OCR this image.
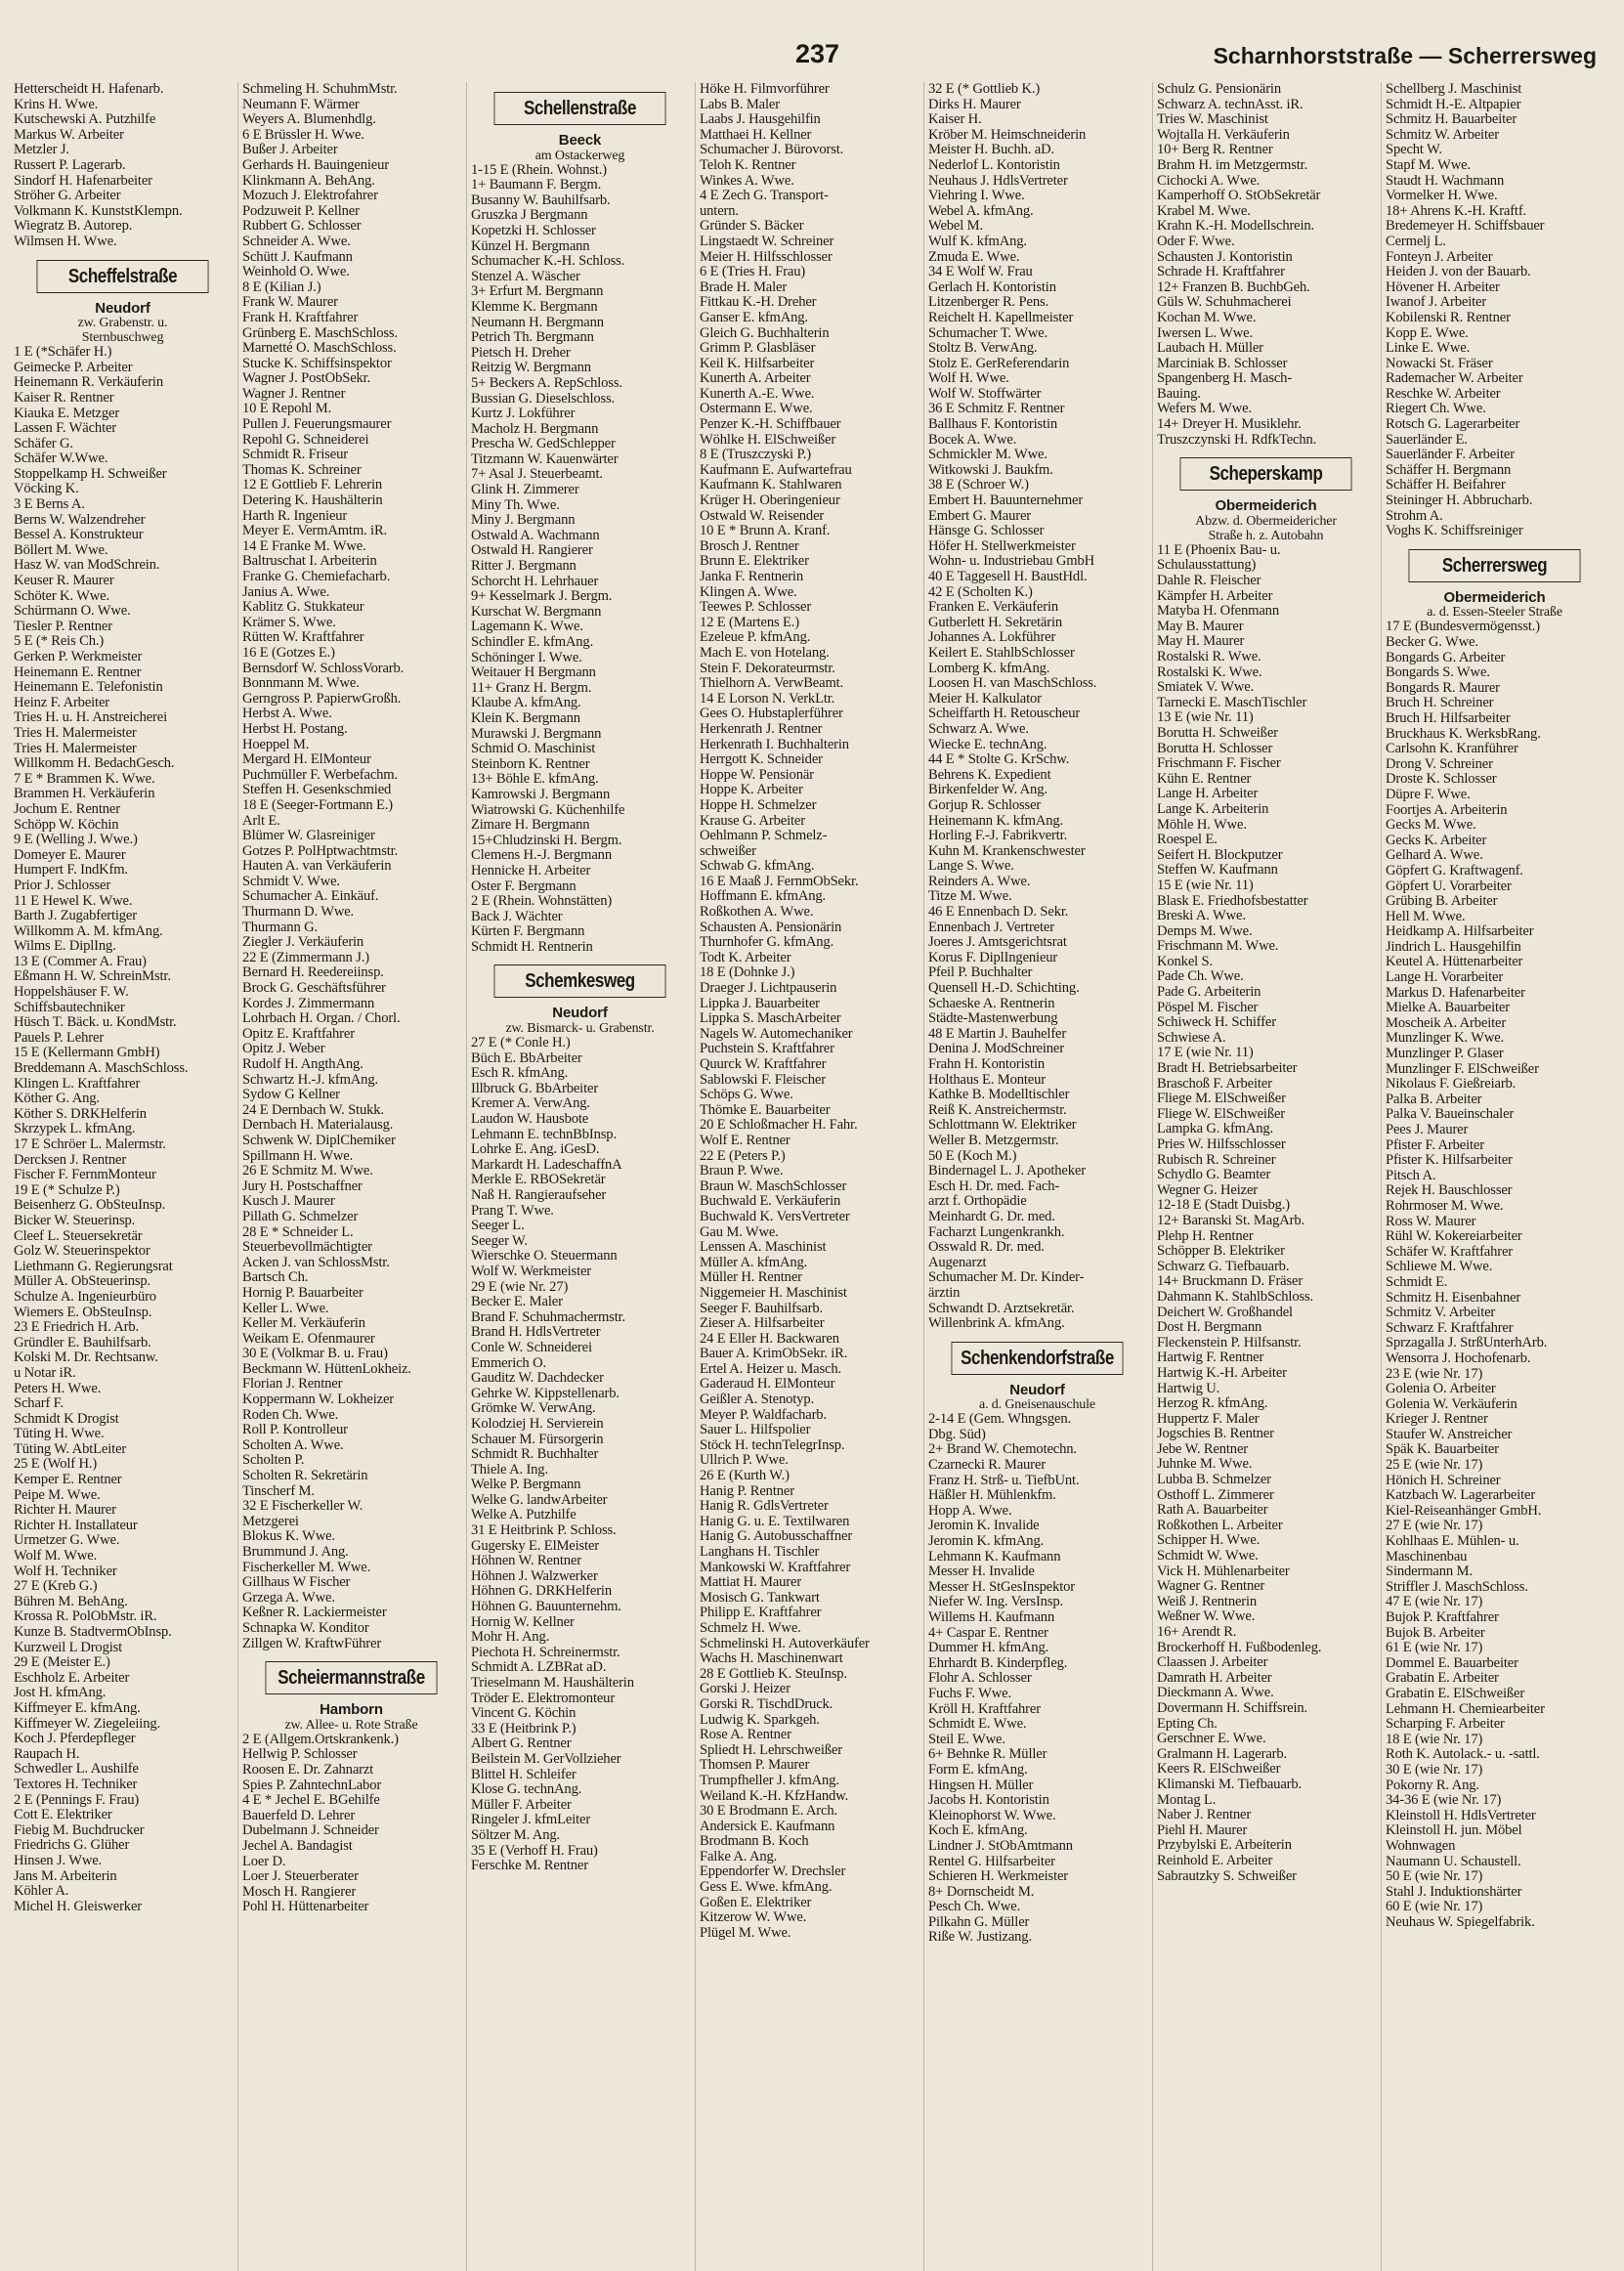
237	Scharnhorststraße — Scherrersweg
Hetterscheidt H. Hafenarb.
Krins H. Wwe.
Kutschewski A. Putzhilfe
Markus W. Arbeiter
Metzler J.
Russert P. Lagerarb.
Sindorf H. Hafenarbeiter
Ströher G. Arbeiter
Volkmann K. KunststKlempn.
Wiegratz B. Autorep.
Wilmsen H. Wwe.
Scheffelstraße
Neudorf
zw. Grabenstr. u.
Sternbuschweg
1 E (*Schäfer H.)
Geimecke P. Arbeiter
Heinemann R. Verkäuferin
Kaiser R. Rentner
Kiauka E. Metzger
Lassen F. Wächter
Schäfer G.
Schäfer W.Wwe.
Stoppelkamp H. Schweißer
Vöcking K.
3 E Berns A.
Berns W. Walzendreher
Bessel A. Konstrukteur
Böllert M. Wwe.
Hasz W. van ModSchrein.
Keuser R. Maurer
Schöter K. Wwe.
Schürmann O. Wwe.
Tiesler P. Rentner
5 E (* Reis Ch.)
Gerken P. Werkmeister
Heinemann E. Rentner
Heinemann E. Telefonistin
Heinz F. Arbeiter
Tries H. u. H. Anstreicherei
Tries H. Malermeister
Tries H. Malermeister
Willkomm H. BedachGesch.
7 E * Brammen K. Wwe.
Brammen H. Verkäuferin
Jochum E. Rentner
Schöpp W. Köchin
9 E (Welling J. Wwe.)
Domeyer E. Maurer
Humpert F. IndKfm.
Prior J. Schlosser
11 E Hewel K. Wwe.
Barth J. Zugabfertiger
Willkomm A. M. kfmAng.
Wilms E. DiplIng.
13 E (Commer A. Frau)
Eßmann H. W. SchreinMstr.
Hoppelshäuser F. W.
Schiffsbautechniker
Hüsch T. Bäck. u. KondMstr.
Pauels P. Lehrer
15 E (Kellermann GmbH)
Breddemann A. MaschSchloss.
Klingen L. Kraftfahrer
Köther G. Ang.
Köther S. DRKHelferin
Skrzypek L. kfmAng.
17 E Schröer L. Malermstr.
Dercksen J. Rentner
Fischer F. FernmMonteur
19 E (* Schulze P.)
Beisenherz G. ObSteuInsp.
Bicker W. Steuerinsp.
Cleef L. Steuersekretär
Golz W. Steuerinspektor
Liethmann G. Regierungsrat
Müller A. ObSteuerinsp.
Schulze A. Ingenieurbüro
Wiemers E. ObSteuInsp.
23 E Friedrich H. Arb.
Gründler E. Bauhilfsarb.
Kolski M. Dr. Rechtsanw.
u Notar iR.
Peters H. Wwe.
Scharf F.
Schmidt K Drogist
Tüting H. Wwe.
Tüting W. AbtLeiter
25 E (Wolf H.)
Kemper E. Rentner
Peipe M. Wwe.
Richter H. Maurer
Richter H. Installateur
Urmetzer G. Wwe.
Wolf M. Wwe.
Wolf H. Techniker
27 E (Kreb G.)
Bühren M. BehAng.
Krossa R. PolObMstr. iR.
Kunze B. StadtvermObInsp.
Kurzweil L Drogist
29 E (Meister E.)
Eschholz E. Arbeiter
Jost H. kfmAng.
Kiffmeyer E. kfmAng.
Kiffmeyer W. Ziegeleiing.
Koch J. Pferdepfleger
Raupach H.
Schwedler L. Aushilfe
Textores H. Techniker
2 E (Pennings F. Frau)
Cott E. Elektriker
Fiebig M. Buchdrucker
Friedrichs G. Glüher
Hinsen J. Wwe.
Jans M. Arbeiterin
Köhler A.
Michel H. Gleiswerker
Schmeling H. SchuhmMstr.
Neumann F. Wärmer
Weyers A. Blumenhdlg.
6 E Brüssler H. Wwe.
Bußer J. Arbeiter
Gerhards H. Bauingenieur
Klinkmann A. BehAng.
Mozuch J. Elektrofahrer
Podzuweit P. Kellner
Rubbert G. Schlosser
Schneider A. Wwe.
Schütt J. Kaufmann
Weinhold O. Wwe.
8 E (Kilian J.)
Frank W. Maurer
Frank H. Kraftfahrer
Grünberg E. MaschSchloss.
Marnetté O. MaschSchloss.
Stucke K. Schiffsinspektor
Wagner J. PostObSekr.
Wagner J. Rentner
10 E Repohl M.
Pullen J. Feuerungsmaurer
Repohl G. Schneiderei
Schmidt R. Friseur
Thomas K. Schreiner
12 E Gottlieb F. Lehrerin
Detering K. Haushälterin
Harth R. Ingenieur
Meyer E. VermAmtm. iR.
14 E Franke M. Wwe.
Baltruschat I. Arbeiterin
Franke G. Chemiefacharb.
Janius A. Wwe.
Kablitz G. Stukkateur
Krämer S. Wwe.
Rütten W. Kraftfahrer
16 E (Gotzes E.)
Bernsdorf W. SchlossVorarb.
Bonnmann M. Wwe.
Gerngross P. PapierwGroßh.
Herbst A. Wwe.
Herbst H. Postang.
Hoeppel M.
Mergard H. ElMonteur
Puchmüller F. Werbefachm.
Steffen H. Gesenkschmied
18 E (Seeger-Fortmann E.)
Arlt E.
Blümer W. Glasreiniger
Gotzes P. PolHptwachtmstr.
Hauten A. van Verkäuferin
Schmidt V. Wwe.
Schumacher A. Einkäuf.
Thurmann D. Wwe.
Thurmann G.
Ziegler J. Verkäuferin
22 E (Zimmermann J.)
Bernard H. Reedereiinsp.
Brock G. Geschäftsführer
Kordes J. Zimmermann
Lohrbach H. Organ. / Chorl.
Opitz E. Kraftfahrer
Opitz J. Weber
Rudolf H. AngthAng.
Schwartz H.-J. kfmAng.
Sydow G Kellner
24 E Dernbach W. Stukk.
Dernbach H. Materialausg.
Schwenk W. DiplChemiker
Spillmann H. Wwe.
26 E Schmitz M. Wwe.
Jury H. Postschaffner
Kusch J. Maurer
Pillath G. Schmelzer
28 E * Schneider L.
Steuerbevollmächtigter
Acken J. van SchlossMstr.
Bartsch Ch.
Hornig P. Bauarbeiter
Keller L. Wwe.
Keller M. Verkäuferin
Weikam E. Ofenmaurer
30 E (Volkmar B. u. Frau)
Beckmann W. HüttenLokheiz.
Florian J. Rentner
Koppermann W. Lokheizer
Roden Ch. Wwe.
Roll P. Kontrolleur
Scholten A. Wwe.
Scholten P.
Scholten R. Sekretärin
Tinscherf M.
32 E Fischerkeller W.
Metzgerei
Blokus K. Wwe.
Brummund J. Ang.
Fischerkeller M. Wwe.
Gillhaus W Fischer
Grzega A. Wwe.
Keßner R. Lackiermeister
Schnapka W. Konditor
Zillgen W. KraftwFührer
Scheiermannstraße
Hamborn
zw. Allee- u. Rote Straße
2 E (Allgem.Ortskrankenk.)
Hellwig P. Schlosser
Roosen E. Dr. Zahnarzt
Spies P. ZahntechnLabor
4 E * Jechel E. BGehilfe
Bauerfeld D. Lehrer
Dubelmann J. Schneider
Jechel A. Bandagist
Loer D.
Loer J. Steuerberater
Mosch H. Rangierer
Pohl H. Hüttenarbeiter
Schellenstraße
Beeck
am Ostackerweg
1-15 E (Rhein. Wohnst.)
1+ Baumann F. Bergm.
Busanny W. Bauhilfsarb.
Gruszka J Bergmann
Kopetzki H. Schlosser
Künzel H. Bergmann
Schumacher K.-H. Schloss.
Stenzel A. Wäscher
3+ Erfurt M. Bergmann
Klemme K. Bergmann
Neumann H. Bergmann
Petrich Th. Bergmann
Pietsch H. Dreher
Reitzig W. Bergmann
5+ Beckers A. RepSchloss.
Bussian G. Dieselschloss.
Kurtz J. Lokführer
Macholz H. Bergmann
Prescha W. GedSchlepper
Titzmann W. Kauenwärter
7+ Asal J. Steuerbeamt.
Glink H. Zimmerer
Miny Th. Wwe.
Miny J. Bergmann
Ostwald A. Wachmann
Ostwald H. Rangierer
Ritter J. Bergmann
Schorcht H. Lehrhauer
9+ Kesselmark J. Bergm.
Kurschat W. Bergmann
Lagemann K. Wwe.
Schindler E. kfmAng.
Schöninger I. Wwe.
Weitauer H Bergmann
11+ Granz H. Bergm.
Klaube A. kfmAng.
Klein K. Bergmann
Murawski J. Bergmann
Schmid O. Maschinist
Steinborn K. Rentner
13+ Böhle E. kfmAng.
Kamrowski J. Bergmann
Wiatrowski G. Küchenhilfe
Zimare H. Bergmann
15+Chludzinski H. Bergm.
Clemens H.-J. Bergmann
Hennicke H. Arbeiter
Oster F. Bergmann
2 E (Rhein. Wohnstätten)
Back J. Wächter
Kürten F. Bergmann
Schmidt H. Rentnerin
Schemkesweg
Neudorf
zw. Bismarck- u. Grabenstr.
27 E (* Conle H.)
Büch E. BbArbeiter
Esch R. kfmAng.
Illbruck G. BbArbeiter
Kremer A. VerwAng.
Laudon W. Hausbote
Lehmann E. technBbInsp.
Lohrke E. Ang. iGesD.
Markardt H. LadeschaffnA
Merkle E. RBOSekretär
Naß H. Rangieraufseher
Prang T. Wwe.
Seeger L.
Seeger W.
Wierschke O. Steuermann
Wolf W. Werkmeister
29 E (wie Nr. 27)
Becker E. Maler
Brand F. Schuhmachermstr.
Brand H. HdlsVertreter
Conle W. Schneiderei
Emmerich O.
Gauditz W. Dachdecker
Gehrke W. Kippstellenarb.
Grömke W. VerwAng.
Kolodziej H. Servierein
Schauer M. Fürsorgerin
Schmidt R. Buchhalter
Thiele A. Ing.
Welke P. Bergmann
Welke G. landwArbeiter
Welke A. Putzhilfe
31 E Heitbrink P. Schloss.
Gugersky E. ElMeister
Höhnen W. Rentner
Höhnen J. Walzwerker
Höhnen G. DRKHelferin
Höhnen G. Bauunternehm.
Hornig W. Kellner
Mohr H. Ang.
Piechota H. Schreinermstr.
Schmidt A. LZBRat aD.
Trieselmann M. Haushälterin
Tröder E. Elektromonteur
Vincent G. Köchin
33 E (Heitbrink P.)
Albert G. Rentner
Beilstein M. GerVollzieher
Blittel H. Schleifer
Klose G. technAng.
Müller F. Arbeiter
Ringeler J. kfmLeiter
Söltzer M. Ang.
35 E (Verhoff H. Frau)
Ferschke M. Rentner
Höke H. Filmvorführer
Labs B. Maler
Laabs J. Hausgehilfin
Matthaei H. Kellner
Schumacher J. Bürovorst.
Teloh K. Rentner
Winkes A. Wwe.
4 E Zech G. Transport-
untern.
Gründer S. Bäcker
Lingstaedt W. Schreiner
Meier H. Hilfsschlosser
6 E (Tries H. Frau)
Brade H. Maler
Fittkau K.-H. Dreher
Ganser E. kfmAng.
Gleich G. Buchhalterin
Grimm P. Glasbläser
Keil K. Hilfsarbeiter
Kunerth A. Arbeiter
Kunerth A.-E. Wwe.
Ostermann E. Wwe.
Penzer K.-H. Schiffbauer
Wöhlke H. ElSchweißer
8 E (Truszczyski P.)
Kaufmann E. Aufwartefrau
Kaufmann K. Stahlwaren
Krüger H. Oberingenieur
Ostwald W. Reisender
10 E * Brunn A. Kranf.
Brosch J. Rentner
Brunn E. Elektriker
Janka F. Rentnerin
Klingen A. Wwe.
Teewes P. Schlosser
12 E (Martens E.)
Ezeleue P. kfmAng.
Mach E. von Hotelang.
Stein F. Dekorateurmstr.
Thielhorn A. VerwBeamt.
14 E Lorson N. VerkLtr.
Gees O. Hubstaplerführer
Herkenrath J. Rentner
Herkenrath I. Buchhalterin
Herrgott K. Schneider
Hoppe W. Pensionär
Hoppe K. Arbeiter
Hoppe H. Schmelzer
Krause G. Arbeiter
Oehlmann P. Schmelz-
schweißer
Schwab G. kfmAng.
16 E Maaß J. FernmObSekr.
Hoffmann E. kfmAng.
Roßkothen A. Wwe.
Schausten A. Pensionärin
Thurnhofer G. kfmAng.
Todt K. Arbeiter
18 E (Dohnke J.)
Draeger J. Lichtpauserin
Lippka J. Bauarbeiter
Lippka S. MaschArbeiter
Nagels W. Automechaniker
Puchstein S. Kraftfahrer
Quurck W. Kraftfahrer
Sablowski F. Fleischer
Schöps G. Wwe.
Thömke E. Bauarbeiter
20 E Schloßmacher H. Fahr.
Wolf E. Rentner
22 E (Peters P.)
Braun P. Wwe.
Braun W. MaschSchlosser
Buchwald E. Verkäuferin
Buchwald K. VersVertreter
Gau M. Wwe.
Lenssen A. Maschinist
Müller A. kfmAng.
Müller H. Rentner
Niggemeier H. Maschinist
Seeger F. Bauhilfsarb.
Zieser A. Hilfsarbeiter
24 E Eller H. Backwaren
Bauer A. KrimObSekr. iR.
Ertel A. Heizer u. Masch.
Gaderaud H. ElMonteur
Geißler A. Stenotyp.
Meyer P. Waldfacharb.
Sauer L. Hilfspolier
Stöck H. technTelegrInsp.
Ullrich P. Wwe.
26 E (Kurth W.)
Hanig P. Rentner
Hanig R. GdlsVertreter
Hanig G. u. E. Textilwaren
Hanig G. Autobusschaffner
Langhans H. Tischler
Mankowski W. Kraftfahrer
Mattiat H. Maurer
Mosisch G. Tankwart
Philipp E. Kraftfahrer
Schmelz H. Wwe.
Schmelinski H. Autoverkäufer
Wachs H. Maschinenwart
28 E Gottlieb K. SteuInsp.
Gorski J. Heizer
Gorski R. TischdDruck.
Ludwig K. Sparkgeh.
Rose A. Rentner
Spliedt H. Lehrschweißer
Thomsen P. Maurer
Trumpfheller J. kfmAng.
Weiland K.-H. KfzHandw.
30 E Brodmann E. Arch.
Andersick E. Kaufmann
Brodmann B. Koch
Falke A. Ang.
Eppendorfer W. Drechsler
Gess E. Wwe. kfmAng.
Goßen E. Elektriker
Kitzerow W. Wwe.
Plügel M. Wwe.
32 E (* Gottlieb K.)
Dirks H. Maurer
Kaiser H.
Kröber M. Heimschneiderin
Meister H. Buchh. aD.
Nederlof L. Kontoristin
Neuhaus J. HdlsVertreter
Viehring I. Wwe.
Webel A. kfmAng.
Webel M.
Wulf K. kfmAng.
Zmuda E. Wwe.
34 E Wolf W. Frau
Gerlach H. Kontoristin
Litzenberger R. Pens.
Reichelt H. Kapellmeister
Schumacher T. Wwe.
Stoltz B. VerwAng.
Stolz E. GerReferendarin
Wolf H. Wwe.
Wolf W. Stoffwärter
36 E Schmitz F. Rentner
Ballhaus F. Kontoristin
Bocek A. Wwe.
Schmickler M. Wwe.
Witkowski J. Baukfm.
38 E (Schroer W.)
Embert H. Bauunternehmer
Embert G. Maurer
Hänsge G. Schlosser
Höfer H. Stellwerkmeister
Wohn- u. Industriebau GmbH
40 E Taggesell H. BaustHdl.
42 E (Scholten K.)
Franken E. Verkäuferin
Gutberlett H. Sekretärin
Johannes A. Lokführer
Keilert E. StahlbSchlosser
Lomberg K. kfmAng.
Loosen H. van MaschSchloss.
Meier H. Kalkulator
Scheiffarth H. Retouscheur
Schwarz A. Wwe.
Wiecke E. technAng.
44 E * Stolte G. KrSchw.
Behrens K. Expedient
Birkenfelder W. Ang.
Gorjup R. Schlosser
Heinemann K. kfmAng.
Horling F.-J. Fabrikvertr.
Kuhn M. Krankenschwester
Lange S. Wwe.
Reinders A. Wwe.
Titze M. Wwe.
46 E Ennenbach D. Sekr.
Ennenbach J. Vertreter
Joeres J. Amtsgerichtsrat
Korus F. DiplIngenieur
Pfeil P. Buchhalter
Quensell H.-D. Schichting.
Schaeske A. Rentnerin
Städte-Mastenwerbung
48 E Martin J. Bauhelfer
Denina J. ModSchreiner
Frahn H. Kontoristin
Holthaus E. Monteur
Kathke B. Modelltischler
Reiß K. Anstreichermstr.
Schlottmann W. Elektriker
Weller B. Metzgermstr.
50 E (Koch M.)
Bindernagel L. J. Apotheker
Esch H. Dr. med. Fach-
arzt f. Orthopädie
Meinhardt G. Dr. med.
Facharzt Lungenkrankh.
Osswald R. Dr. med.
Augenarzt
Schumacher M. Dr. Kinder-
ärztin
Schwandt D. Arztsekretär.
Willenbrink A. kfmAng.
Schenkendorfstraße
Neudorf
a. d. Gneisenauschule
2-14 E (Gem. Whngsgen.
Dbg. Süd)
2+ Brand W. Chemotechn.
Czarnecki R. Maurer
Franz H. Strß- u. TiefbUnt.
Häßler H. Mühlenkfm.
Hopp A. Wwe.
Jeromin K. Invalide
Jeromin K. kfmAng.
Lehmann K. Kaufmann
Messer H. Invalide
Messer H. StGesInspektor
Niefer W. Ing. VersInsp.
Willems H. Kaufmann
4+ Caspar E. Rentner
Dummer H. kfmAng.
Ehrhardt B. Kinderpfleg.
Flohr A. Schlosser
Fuchs F. Wwe.
Kröll H. Kraftfahrer
Schmidt E. Wwe.
Steil E. Wwe.
6+ Behnke R. Müller
Form E. kfmAng.
Hingsen H. Müller
Jacobs H. Kontoristin
Kleinophorst W. Wwe.
Koch E. kfmAng.
Lindner J. StObAmtmann
Rentel G. Hilfsarbeiter
Schieren H. Werkmeister
8+ Dornscheidt M.
Pesch Ch. Wwe.
Pilkahn G. Müller
Riße W. Justizang.
Schulz G. Pensionärin
Schwarz A. technAsst. iR.
Tries W. Maschinist
Wojtalla H. Verkäuferin
10+ Berg R. Rentner
Brahm H. im Metzgermstr.
Cichocki A. Wwe.
Kamperhoff O. StObSekretär
Krabel M. Wwe.
Krahn K.-H. Modellschrein.
Oder F. Wwe.
Schausten J. Kontoristin
Schrade H. Kraftfahrer
12+ Franzen B. BuchbGeh.
Güls W. Schuhmacherei
Kochan M. Wwe.
Iwersen L. Wwe.
Laubach H. Müller
Marciniak B. Schlosser
Spangenberg H. Masch-
Bauing.
Wefers M. Wwe.
14+ Dreyer H. Musiklehr.
Truszczynski H. RdfkTechn.
Scheperskamp
Obermeiderich
Abzw. d. Obermeidericher
Straße h. z. Autobahn
11 E (Phoenix Bau- u.
Schulausstattung)
Dahle R. Fleischer
Kämpfer H. Arbeiter
Matyba H. Ofenmann
May B. Maurer
May H. Maurer
Rostalski R. Wwe.
Rostalski K. Wwe.
Smiatek V. Wwe.
Tarnecki E. MaschTischler
13 E (wie Nr. 11)
Borutta H. Schweißer
Borutta H. Schlosser
Frischmann F. Fischer
Kühn E. Rentner
Lange H. Arbeiter
Lange K. Arbeiterin
Möhle H. Wwe.
Roespel E.
Seifert H. Blockputzer
Steffen W. Kaufmann
15 E (wie Nr. 11)
Blask E. Friedhofsbestatter
Breski A. Wwe.
Demps M. Wwe.
Frischmann M. Wwe.
Konkel S.
Pade Ch. Wwe.
Pade G. Arbeiterin
Pöspel M. Fischer
Schiweck H. Schiffer
Schwiese A.
17 E (wie Nr. 11)
Bradt H. Betriebsarbeiter
Braschoß F. Arbeiter
Fliege M. ElSchweißer
Fliege W. ElSchweißer
Lampka G. kfmAng.
Pries W. Hilfsschlosser
Rubisch R. Schreiner
Schydlo G. Beamter
Wegner G. Heizer
12-18 E (Stadt Duisbg.)
12+ Baranski St. MagArb.
Plehp H. Rentner
Schöpper B. Elektriker
Schwarz G. Tiefbauarb.
14+ Bruckmann D. Fräser
Dahmann K. StahlbSchloss.
Deichert W. Großhandel
Dost H. Bergmann
Fleckenstein P. Hilfsanstr.
Hartwig F. Rentner
Hartwig K.-H. Arbeiter
Hartwig U.
Herzog R. kfmAng.
Huppertz F. Maler
Jogschies B. Rentner
Jebe W. Rentner
Juhnke M. Wwe.
Lubba B. Schmelzer
Osthoff L. Zimmerer
Rath A. Bauarbeiter
Roßkothen L. Arbeiter
Schipper H. Wwe.
Schmidt W. Wwe.
Vick H. Mühlenarbeiter
Wagner G. Rentner
Weiß J. Rentnerin
Weßner W. Wwe.
16+ Arendt R.
Brockerhoff H. Fußbodenleg.
Claassen J. Arbeiter
Damrath H. Arbeiter
Dieckmann A. Wwe.
Dovermann H. Schiffsrein.
Epting Ch.
Gerschner E. Wwe.
Gralmann H. Lagerarb.
Keers R. ElSchweißer
Klimanski M. Tiefbauarb.
Montag L.
Naber J. Rentner
Piehl H. Maurer
Przybylski E. Arbeiterin
Reinhold E. Arbeiter
Sabrautzky S. Schweißer
Schellberg J. Maschinist
Schmidt H.-E. Altpapier
Schmitz H. Bauarbeiter
Schmitz W. Arbeiter
Specht W.
Stapf M. Wwe.
Staudt H. Wachmann
Vormelker H. Wwe.
18+ Ahrens K.-H. Kraftf.
Bredemeyer H. Schiffsbauer
Cermelj L.
Fonteyn J. Arbeiter
Heiden J. von der Bauarb.
Hövener H. Arbeiter
Iwanof J. Arbeiter
Kobilenski R. Rentner
Kopp E. Wwe.
Linke E. Wwe.
Nowacki St. Fräser
Rademacher W. Arbeiter
Reschke W. Arbeiter
Riegert Ch. Wwe.
Rotsch G. Lagerarbeiter
Sauerländer E.
Sauerländer F. Arbeiter
Schäffer H. Bergmann
Schäffer H. Beifahrer
Steininger H. Abbrucharb.
Strohm A.
Voghs K. Schiffsreiniger
Scherrersweg
Obermeiderich
a. d. Essen-Steeler Straße
17 E (Bundesvermögensst.)
Becker G. Wwe.
Bongards G. Arbeiter
Bongards S. Wwe.
Bongards R. Maurer
Bruch H. Schreiner
Bruch H. Hilfsarbeiter
Bruckhaus K. WerksbRang.
Carlsohn K. Kranführer
Drong V. Schreiner
Droste K. Schlosser
Düpre F. Wwe.
Foortjes A. Arbeiterin
Gecks M. Wwe.
Gecks K. Arbeiter
Gelhard A. Wwe.
Göpfert G. Kraftwagenf.
Göpfert U. Vorarbeiter
Grübing B. Arbeiter
Hell M. Wwe.
Heidkamp A. Hilfsarbeiter
Jindrich L. Hausgehilfin
Keutel A. Hüttenarbeiter
Lange H. Vorarbeiter
Markus D. Hafenarbeiter
Mielke A. Bauarbeiter
Moscheik A. Arbeiter
Munzlinger K. Wwe.
Munzlinger P. Glaser
Munzlinger F. ElSchweißer
Nikolaus F. Gießreiarb.
Palka B. Arbeiter
Palka V. Baueinschaler
Pees J. Maurer
Pfister F. Arbeiter
Pfister K. Hilfsarbeiter
Pitsch A.
Rejek H. Bauschlosser
Rohrmoser M. Wwe.
Ross W. Maurer
Rühl W. Kokereiarbeiter
Schäfer W. Kraftfahrer
Schliewe M. Wwe.
Schmidt E.
Schmitz H. Eisenbahner
Schmitz V. Arbeiter
Schwarz F. Kraftfahrer
Sprzagalla J. StrßUnterhArb.
Wensorra J. Hochofenarb.
23 E (wie Nr. 17)
Golenia O. Arbeiter
Golenia W. Verkäuferin
Krieger J. Rentner
Staufer W. Anstreicher
Späk K. Bauarbeiter
25 E (wie Nr. 17)
Hönich H. Schreiner
Katzbach W. Lagerarbeiter
Kiel-Reiseanhänger GmbH.
27 E (wie Nr. 17)
Kohlhaas E. Mühlen- u.
Maschinenbau
Sindermann M.
Striffler J. MaschSchloss.
47 E (wie Nr. 17)
Bujok P. Kraftfahrer
Bujok B. Arbeiter
61 E (wie Nr. 17)
Dommel E. Bauarbeiter
Grabatin E. Arbeiter
Grabatin E. ElSchweißer
Lehmann H. Chemiearbeiter
Scharping F. Arbeiter
18 E (wie Nr. 17)
Roth K. Autolack.- u. -sattl.
30 E (wie Nr. 17)
Pokorny R. Ang.
34-36 E (wie Nr. 17)
Kleinstoll H. HdlsVertreter
Kleinstoll H. jun. Möbel
Wohnwagen
Naumann U. Schaustell.
50 E (wie Nr. 17)
Stahl J. Induktionshärter
60 E (wie Nr. 17)
Neuhaus W. Spiegelfabrik.
